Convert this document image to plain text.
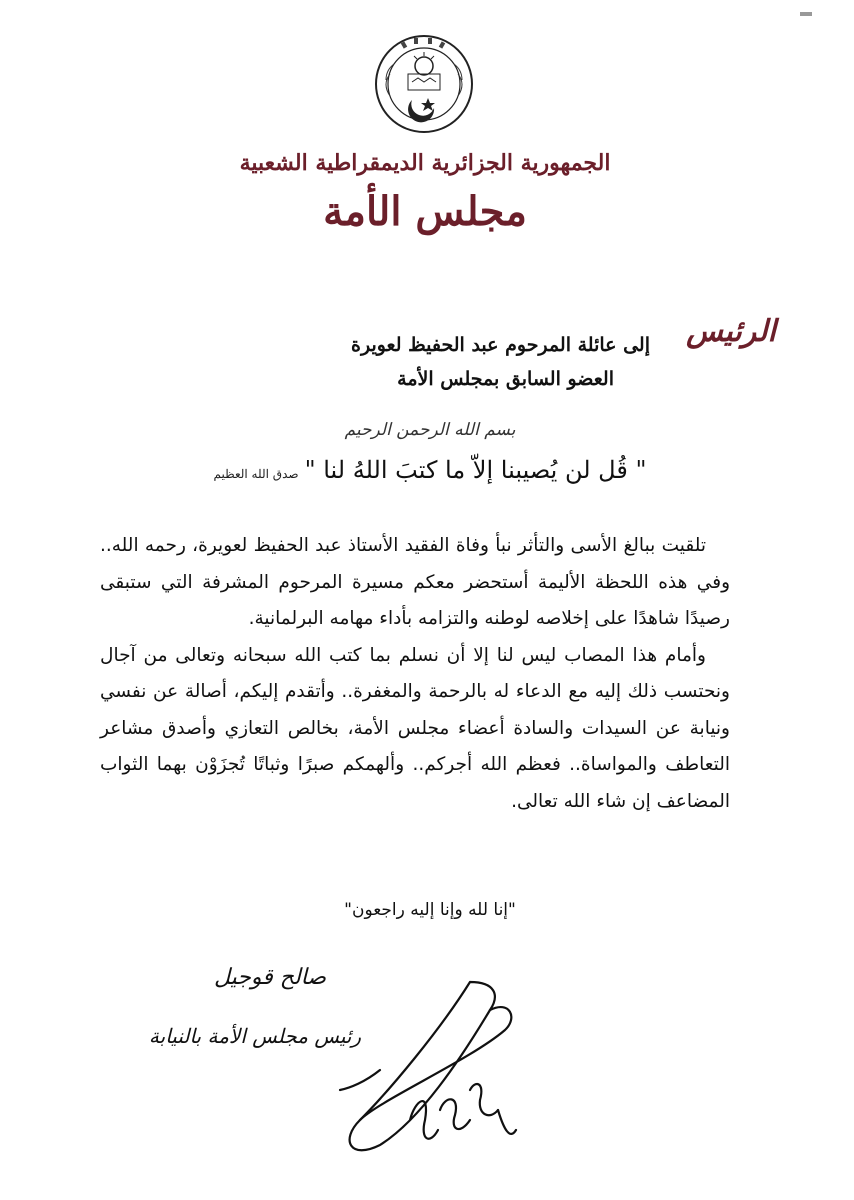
الجمهورية الجزائرية الديمقراطية الشعبية
مجلس الأمة
الرئيس
إلى عائلة المرحوم عبد الحفيظ لعويرة
العضو السابق بمجلس الأمة
بسم الله الرحمن الرحيم
" قُل لن يُصيبنا إلاّ ما كتبَ اللهُ لنا "صدق الله العظيم

تلقيت ببالغ الأسى والتأثر نبأ وفاة الفقيد الأستاذ عبد الحفيظ لعويرة، رحمه الله.. وفي هذه اللحظة الأليمة أستحضر معكم مسيرة المرحوم المشرفة التي ستبقى رصيدًا شاهدًا على إخلاصه لوطنه والتزامه بأداء مهامه البرلمانية.

وأمام هذا المصاب ليس لنا إلا أن نسلم بما كتب الله سبحانه وتعالى من آجال ونحتسب ذلك إليه مع الدعاء له بالرحمة والمغفرة.. وأتقدم إليكم، أصالة عن نفسي ونيابة عن السيدات والسادة أعضاء مجلس الأمة، بخالص التعازي وأصدق مشاعر التعاطف والمواساة.. فعظم الله أجركم.. وألهمكم صبرًا وثباتًا تُجزَوْن بهما الثواب المضاعف إن شاء الله تعالى.

"إنا لله وإنا إليه راجعون"
صالح قوجيل
رئيس مجلس الأمة بالنيابة
